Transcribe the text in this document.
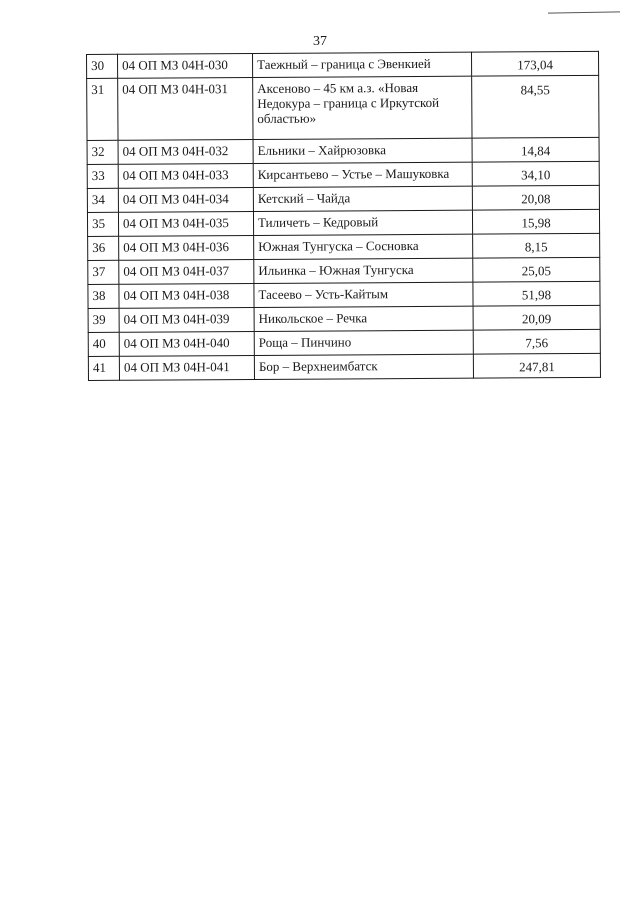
37
30	04 ОП МЗ 04Н-030	Таежный – граница с Эвенкией	173,04
31	04 ОП МЗ 04Н-031	Аксеново – 45 км а.з. «Новая Недокура – граница с Иркутской областью»	84,55
32	04 ОП МЗ 04Н-032	Ельники – Хайрюзовка	14,84
33	04 ОП МЗ 04Н-033	Кирсантьево – Устье – Машуковка	34,10
34	04 ОП МЗ 04Н-034	Кетский – Чайда	20,08
35	04 ОП МЗ 04Н-035	Тиличеть – Кедровый	15,98
36	04 ОП МЗ 04Н-036	Южная Тунгуска – Сосновка	8,15
37	04 ОП МЗ 04Н-037	Ильинка – Южная Тунгуска	25,05
38	04 ОП МЗ 04Н-038	Тасеево – Усть-Кайтым	51,98
39	04 ОП МЗ 04Н-039	Никольское – Речка	20,09
40	04 ОП МЗ 04Н-040	Роща – Пинчино	7,56
41	04 ОП МЗ 04Н-041	Бор – Верхнеимбатск	247,81
